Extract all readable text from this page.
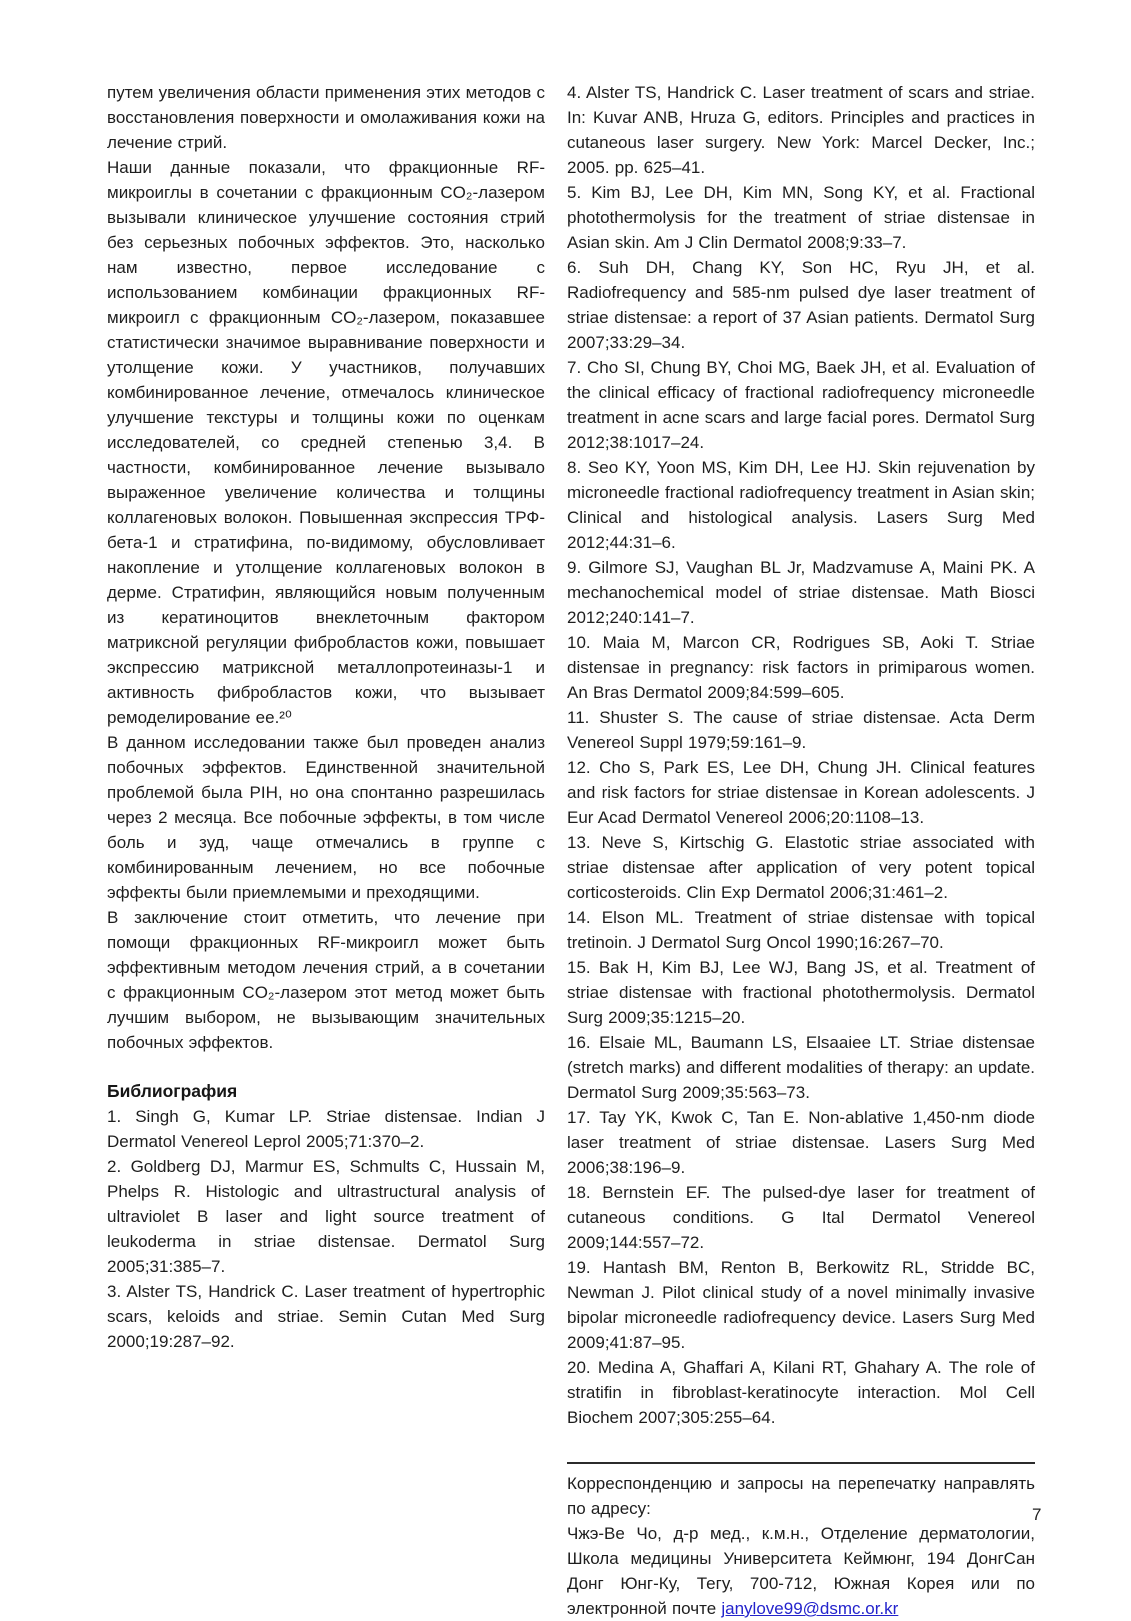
путем увеличения области применения этих методов с восстановления поверхности и омолаживания кожи на лечение стрий.

Наши данные показали, что фракционные RF-микроиглы в сочетании с фракционным CO₂-лазером вызывали клиническое улучшение состояния стрий без серьезных побочных эффектов. Это, насколько нам известно, первое исследование с использованием комбинации фракционных RF-микроигл с фракционным CO₂-лазером, показавшее статистически значимое выравнивание поверхности и утолщение кожи. У участников, получавших комбинированное лечение, отмечалось клиническое улучшение текстуры и толщины кожи по оценкам исследователей, со средней степенью 3,4. В частности, комбинированное лечение вызывало выраженное увеличение количества и толщины коллагеновых волокон. Повышенная экспрессия ТРФ-бета-1 и стратифина, по-видимому, обусловливает накопление и утолщение коллагеновых волокон в дерме. Стратифин, являющийся новым полученным из кератиноцитов внеклеточным фактором матриксной регуляции фибробластов кожи, повышает экспрессию матриксной металлопротеиназы-1 и активность фибробластов кожи, что вызывает ремоделирование ее.²⁰

В данном исследовании также был проведен анализ побочных эффектов. Единственной значительной проблемой была PIH, но она спонтанно разрешилась через 2 месяца. Все побочные эффекты, в том числе боль и зуд, чаще отмечались в группе с комбинированным лечением, но все побочные эффекты были приемлемыми и преходящими.

В заключение стоит отметить, что лечение при помощи фракционных RF-микроигл может быть эффективным методом лечения стрий, а в сочетании с фракционным CO₂-лазером этот метод может быть лучшим выбором, не вызывающим значительных побочных эффектов.

Библиография

1. Singh G, Kumar LP. Striae distensae. Indian J Dermatol Venereol Leprol 2005;71:370–2.

2. Goldberg DJ, Marmur ES, Schmults C, Hussain M, Phelps R. Histologic and ultrastructural analysis of ultraviolet B laser and light source treatment of leukoderma in striae distensae. Dermatol Surg 2005;31:385–7.

3. Alster TS, Handrick C. Laser treatment of hypertrophic scars, keloids and striae. Semin Cutan Med Surg 2000;19:287–92.

4. Alster TS, Handrick C. Laser treatment of scars and striae. In: Kuvar ANB, Hruza G, editors. Principles and practices in cutaneous laser surgery. New York: Marcel Decker, Inc.; 2005. pp. 625–41.

5. Kim BJ, Lee DH, Kim MN, Song KY, et al. Fractional photothermolysis for the treatment of striae distensae in Asian skin. Am J Clin Dermatol 2008;9:33–7.

6. Suh DH, Chang KY, Son HC, Ryu JH, et al. Radiofrequency and 585-nm pulsed dye laser treatment of striae distensae: a report of 37 Asian patients. Dermatol Surg 2007;33:29–34.

7. Cho SI, Chung BY, Choi MG, Baek JH, et al. Evaluation of the clinical efficacy of fractional radiofrequency microneedle treatment in acne scars and large facial pores. Dermatol Surg 2012;38:1017–24.

8. Seo KY, Yoon MS, Kim DH, Lee HJ. Skin rejuvenation by microneedle fractional radiofrequency treatment in Asian skin; Clinical and histological analysis. Lasers Surg Med 2012;44:31–6.

9. Gilmore SJ, Vaughan BL Jr, Madzvamuse A, Maini PK. A mechanochemical model of striae distensae. Math Biosci 2012;240:141–7.

10. Maia M, Marcon CR, Rodrigues SB, Aoki T. Striae distensae in pregnancy: risk factors in primiparous women. An Bras Dermatol 2009;84:599–605.

11. Shuster S. The cause of striae distensae. Acta Derm Venereol Suppl 1979;59:161–9.

12. Cho S, Park ES, Lee DH, Chung JH. Clinical features and risk factors for striae distensae in Korean adolescents. J Eur Acad Dermatol Venereol 2006;20:1108–13.

13. Neve S, Kirtschig G. Elastotic striae associated with striae distensae after application of very potent topical corticosteroids. Clin Exp Dermatol 2006;31:461–2.

14. Elson ML. Treatment of striae distensae with topical tretinoin. J Dermatol Surg Oncol 1990;16:267–70.

15. Bak H, Kim BJ, Lee WJ, Bang JS, et al. Treatment of striae distensae with fractional photothermolysis. Dermatol Surg 2009;35:1215–20.

16. Elsaie ML, Baumann LS, Elsaaiee LT. Striae distensae (stretch marks) and different modalities of therapy: an update. Dermatol Surg 2009;35:563–73.

17. Tay YK, Kwok C, Tan E. Non-ablative 1,450-nm diode laser treatment of striae distensae. Lasers Surg Med 2006;38:196–9.

18. Bernstein EF. The pulsed-dye laser for treatment of cutaneous conditions. G Ital Dermatol Venereol 2009;144:557–72.

19. Hantash BM, Renton B, Berkowitz RL, Stridde BC, Newman J. Pilot clinical study of a novel minimally invasive bipolar microneedle radiofrequency device. Lasers Surg Med 2009;41:87–95.

20. Medina A, Ghaffari A, Kilani RT, Ghahary A. The role of stratifin in fibroblast-keratinocyte interaction. Mol Cell Biochem 2007;305:255–64.

Корреспонденцию и запросы на перепечатку направлять по адресу:

Чжэ-Ве Чо, д-р мед., к.м.н., Отделение дерматологии, Школа медицины Университета Кеймюнг, 194 ДонгСан Донг Юнг-Ку, Тегу, 700-712, Южная Корея или по электронной почте janylove99@dsmc.or.kr

7
